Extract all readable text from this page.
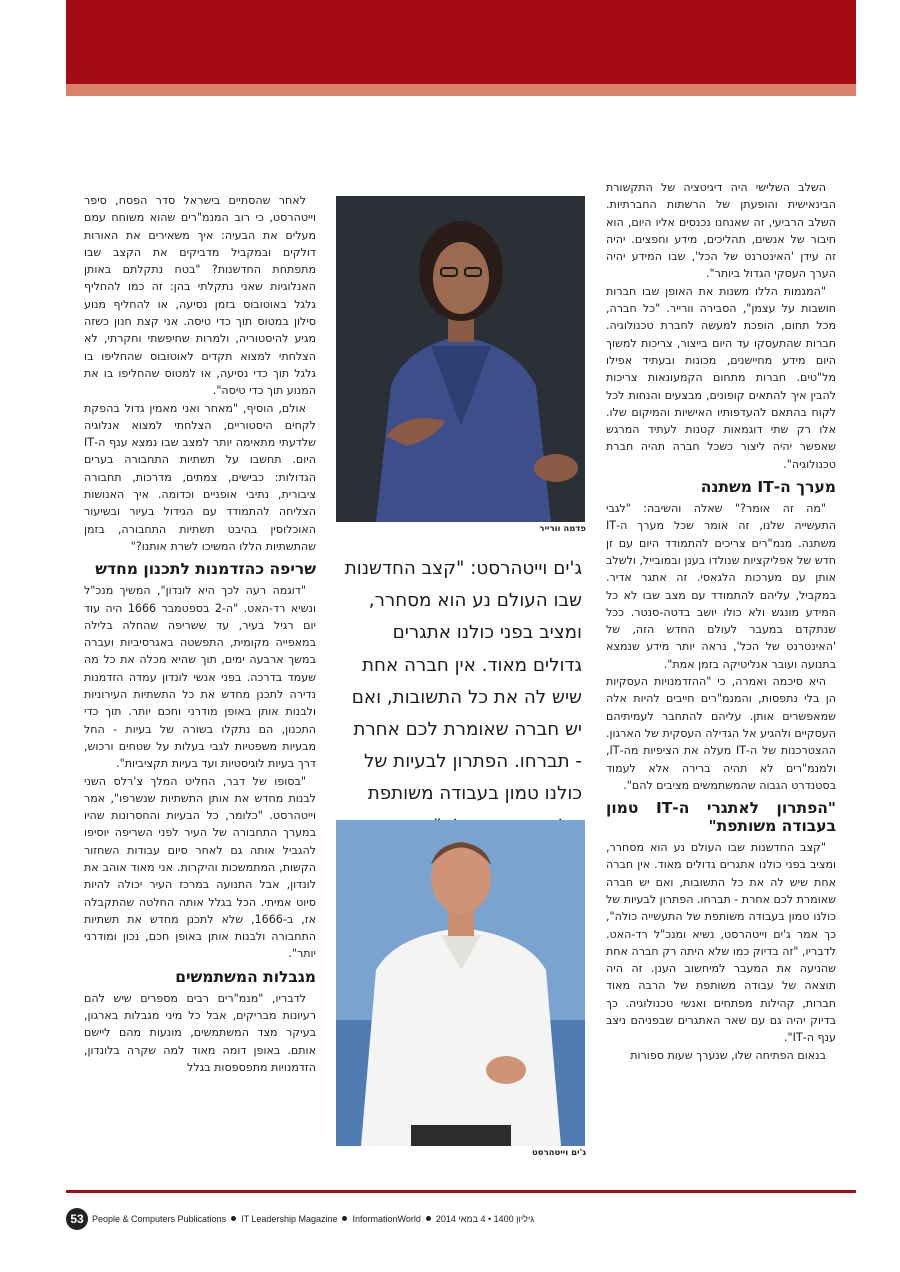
השלב השלישי היה דיגיטציה של התקשורת הבינאישית והופעתן של הרשתות החברתיות. השלב הרביעי, זה שאנחנו נכנסים אליו היום, הוא חיבור של אנשים, תהליכים, מידע וחפצים. יהיה זה עידן 'האינטרנט של הכל', שבו המידע יהיה הערך העסקי הגדול ביותר".

"המגמות הללו משנות את האופן שבו חברות חושבות על עצמן", הסבירה וורייר. "כל חברה, מכל תחום, הופכת למעשה לחברת טכנולוגיה. חברות שהתעסקו עד היום בייצור, צריכות למשוך היום מידע מחיישנים, מכונות ובעתיד אפילו מל"טים. חברות מתחום הקמעונאות צריכות להבין איך להתאים קופונים, מבצעים והנחות לכל לקוח בהתאם להעדפותיו האישיות והמיקום שלו. אלו רק שתי דוגמאות קטנות לעתיד המרגש שאפשר יהיה ליצור כשכל חברה תהיה חברת טכנולוגיה".

מערך ה-IT משתנה

"מה זה אומר?" שאלה והשיבה: "לגבי התעשייה שלנו, זה אומר שכל מערך ה-IT משתנה. מנמ"רים צריכים להתמודד היום עם זן חדש של אפליקציות שנולדו בענן ובמובייל, ולשלב אותן עם מערכות הלגאסי. זה אתגר אדיר. במקביל, עליהם להתמודד עם מצב שבו לא כל המידע מונגש ולא כולו יושב בדטה-סנטר. ככל שנתקדם במעבר לעולם החדש הזה, של 'האינטרנט של הכל', נראה יותר מידע שנמצא בתנועה ועובר אנליטיקה בזמן אמת".

היא סיכמה ואמרה, כי "ההזדמנויות העסקיות הן בלי נתפסות, והמנמ"רים חייבים להיות אלה שמאפשרים אותן. עליהם להתחבר לעמיתיהם העסקיים ולהגיע אל הגדילה העסקית של הארגון. ההצטרכנות של ה-IT מעלה את הציפיות מה-IT, ולמנמ"רים לא תהיה ברירה אלא לעמוד בסטנדרט הגבוה שהמשתמשים מציבים להם".

"הפתרון לאתגרי ה-IT טמון בעבודה משותפת"

"קצב החדשנות שבו העולם נע הוא מסחרר, ומציב בפני כולנו אתגרים גדולים מאוד. אין חברה אחת שיש לה את כל התשובות, ואם יש חברה שאומרת לכם אחרת - תברחו. הפתרון לבעיות של כולנו טמון בעבודה משותפת של התעשייה כולה", כך אמר ג'ים וייטהרסט, נשיא ומנכ"ל רד-האט. לדבריו, "זה בדיוק כמו שלא היתה רק חברה אחת שהניעה את המעבר למיחשוב הענן. זה היה תוצאה של עבודה משותפת של הרבה מאוד חברות, קהילות מפתחים ואנשי טכנולוגיה. כך בדיוק יהיה גם עם שאר האתגרים שבפניהם ניצב ענף ה-IT".

בנאום הפתיחה שלו, שנערך שעות ספורות

פדמה וורייר
ג'ים וייטהרסט: "קצב החדשנות שבו העולם נע הוא מסחרר, ומציב בפני כולנו אתגרים גדולים מאוד. אין חברה אחת שיש לה את כל התשובות, ואם יש חברה שאומרת לכם אחרת - תברחו. הפתרון לבעיות של כולנו טמון בעבודה משותפת
ג'ים וייטהרסט

לאחר שהסתיים בישראל סדר הפסח, סיפר וייטהרסט, כי רוב המנמ"רים שהוא משוחח עמם מעלים את הבעיה: איך משאירים את האורות דולקים ובמקביל מדביקים את הקצב שבו מתפתחת החדשנות? "בטח נתקלתם באותן האנלוגיות שאני נתקלתי בהן: זה כמו להחליף גלגל באוטובוס בזמן נסיעה, או להחליף מנוע סילון במטוס תוך כדי טיסה. אני קצת חנון כשזה מגיע להיסטוריה, ולמרות שחיפשתי וחקרתי, לא הצלחתי למצוא תקדים לאוטובוס שהחליפו בו גלגל תוך כדי נסיעה, או למטוס שהחליפו בו את המנוע תוך כדי טיסה".

אולם, הוסיף, "מאחר ואני מאמין גדול בהפקת לקחים היסטוריים, הצלחתי למצוא אנלוגיה שלדעתי מתאימה יותר למצב שבו נמצא ענף ה-IT היום. תחשבו על תשתיות התחבורה בערים הגדולות: כבישים, צמתים, מדרכות, תחבורה ציבורית, נתיבי אופניים וכדומה. איך האנושות הצליחה להתמודד עם הגידול בעיור ובשיעור האוכלוסין בהיבט תשתיות התחבורה, בזמן שהתשתיות הללו המשיכו לשרת אותנו?"

שריפה כהזדמנות לתכנון מחדש

"דוגמה רעה לכך היא לונדון", המשיך מנכ"ל ונשיא רד-האט. "ה-2 בספטמבר 1666 היה עוד יום רגיל בעיר, עד ששריפה שהחלה בלילה במאפייה מקומית, התפשטה באגרסיביות ועברה במשך ארבעה ימים, תוך שהיא מכלה את כל מה שעמד בדרכה. בפני אנשי לונדון עמדה הזדמנות נדירה לתכנן מחדש את כל התשתיות העירוניות ולבנות אותן באופן מודרני וחכם יותר. תוך כדי התכנון, הם נתקלו בשורה של בעיות - החל מבעיות משפטיות לגבי בעלות על שטחים ורכוש, דרך בעיות לוגיסטיות ועד בעיות תקציביות".

"בסופו של דבר, החליט המלך צ'רלס השני לבנות מחדש את אותן התשתיות שנשרפו", אמר וייטהרסט. "כלומר, כל הבעיות והחסרונות שהיו במערך התחבורה של העיר לפני השריפה יוסיפו להגביל אותה גם לאחר סיום עבודות השחזור הקשות, המתמשכות והיקרות. אני מאוד אוהב את לונדון, אבל התנועה במרכז העיר יכולה להיות סיוט אמיתי. הכל בגלל אותה החלטה שהתקבלה אז, ב-1666, שלא לתכנן מחדש את תשתיות התחבורה ולבנות אותן באופן חכם, נכון ומודרני יותר".

מגבלות המשתמשים

לדבריו, "מנמ"רים רבים מספרים שיש להם רעיונות מבריקים, אבל כל מיני מגבלות בארגון, בעיקר מצד המשתמשים, מונעות מהם ליישם אותם. באופן דומה מאוד למה שקרה בלונדון, הזדמנויות מתפספסות בגלל

53 People & Computers Publications IT Leadership Magazine InformationWorld גיליון 1400 • 4 במאי 2014
